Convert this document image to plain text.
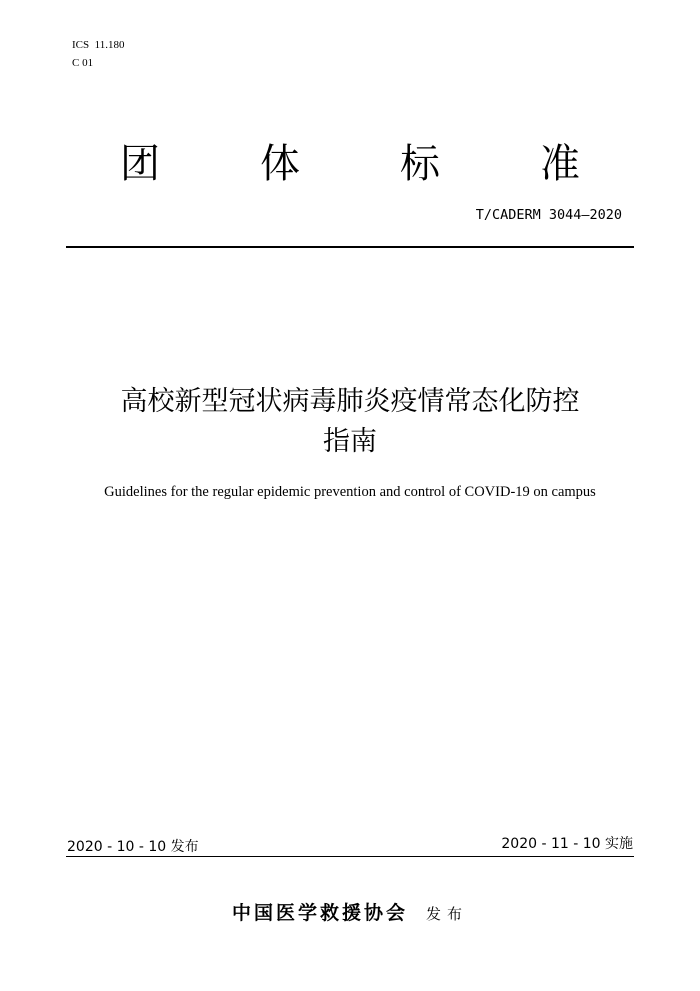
ICS  11.180
C 01
团	体	标	准
T/CADERM 3044—2020
高校新型冠状病毒肺炎疫情常态化防控
指南
Guidelines for the regular epidemic prevention and control of COVID-19 on campus
2020 - 10 - 10 发布	2020 - 11 - 10 实施
中国医学救援协会 发布
